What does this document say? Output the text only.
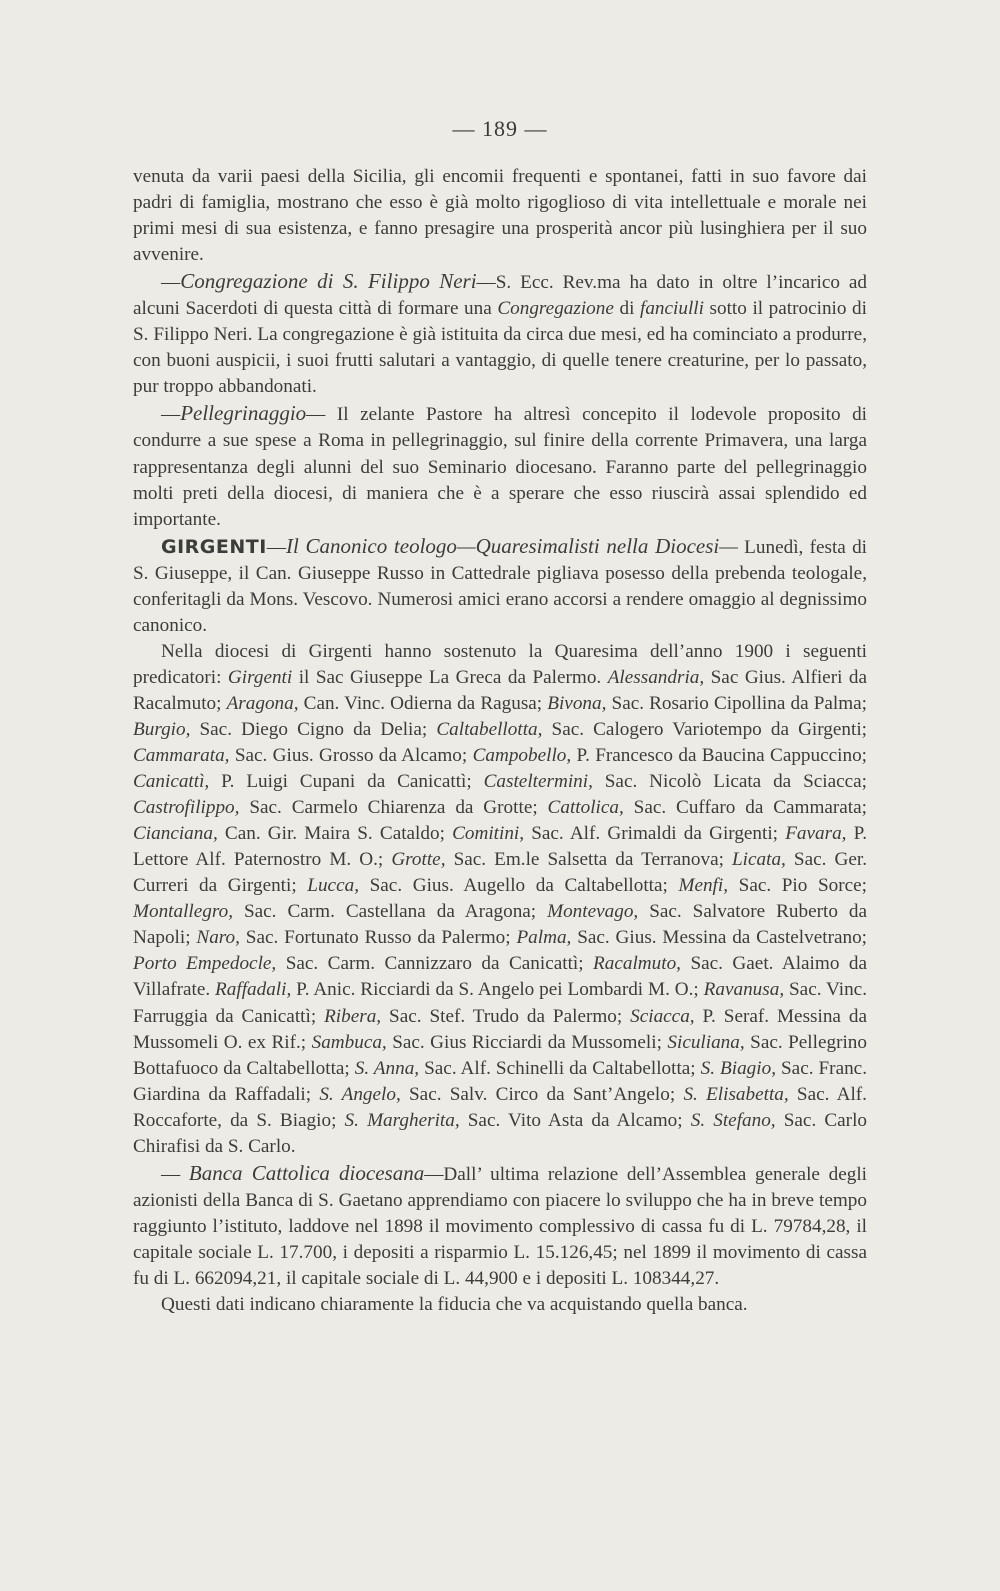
— 189 —

venuta da varii paesi della Sicilia, gli encomii frequenti e spontanei, fatti in suo favore dai padri di famiglia, mostrano che esso è già molto rigoglioso di vita intellettuale e morale nei primi mesi di sua esistenza, e fanno presagire una prosperità ancor più lusinghiera per il suo avvenire.

—Congregazione di S. Filippo Neri—S. Ecc. Rev.ma ha dato in oltre l’incarico ad alcuni Sacerdoti di questa città di formare una Congregazione di fanciulli sotto il patrocinio di S. Filippo Neri. La congregazione è già istituita da circa due mesi, ed ha cominciato a produrre, con buoni auspicii, i suoi frutti salutari a vantaggio, di quelle tenere creaturine, per lo passato, pur troppo abbandonati.

—Pellegrinaggio— Il zelante Pastore ha altresì concepito il lodevole proposito di condurre a sue spese a Roma in pellegrinaggio, sul finire della corrente Primavera, una larga rappresentanza degli alunni del suo Seminario diocesano. Faranno parte del pellegrinaggio molti preti della diocesi, di maniera che è a sperare che esso riuscirà assai splendido ed importante.

GIRGENTI—Il Canonico teologo—Quaresimalisti nella Diocesi— Lunedì, festa di S. Giuseppe, il Can. Giuseppe Russo in Cattedrale pigliava posesso della prebenda teologale, conferitagli da Mons. Vescovo. Numerosi amici erano accorsi a rendere omaggio al degnissimo canonico.

Nella diocesi di Girgenti hanno sostenuto la Quaresima dell’anno 1900 i seguenti predicatori: Girgenti il Sac Giuseppe La Greca da Palermo. Alessandria, Sac Gius. Alfieri da Racalmuto; Aragona, Can. Vinc. Odierna da Ragusa; Bivona, Sac. Rosario Cipollina da Palma; Burgio, Sac. Diego Cigno da Delia; Caltabellotta, Sac. Calogero Variotempo da Girgenti; Cammarata, Sac. Gius. Grosso da Alcamo; Campobello, P. Francesco da Baucina Cappuccino; Canicattì, P. Luigi Cupani da Canicattì; Casteltermini, Sac. Nicolò Licata da Sciacca; Castrofilippo, Sac. Carmelo Chiarenza da Grotte; Cattolica, Sac. Cuffaro da Cammarata; Cianciana, Can. Gir. Maira S. Cataldo; Comitini, Sac. Alf. Grimaldi da Girgenti; Favara, P. Lettore Alf. Paternostro M. O.; Grotte, Sac. Em.le Salsetta da Terranova; Licata, Sac. Ger. Curreri da Girgenti; Lucca, Sac. Gius. Augello da Caltabellotta; Menfi, Sac. Pio Sorce; Montallegro, Sac. Carm. Castellana da Aragona; Montevago, Sac. Salvatore Ruberto da Napoli; Naro, Sac. Fortunato Russo da Palermo; Palma, Sac. Gius. Messina da Castelvetrano; Porto Empedocle, Sac. Carm. Cannizzaro da Canicattì; Racalmuto, Sac. Gaet. Alaimo da Villafrate. Raffadali, P. Anic. Ricciardi da S. Angelo pei Lombardi M. O.; Ravanusa, Sac. Vinc. Farruggia da Canicattì; Ribera, Sac. Stef. Trudo da Palermo; Sciacca, P. Seraf. Messina da Mussomeli O. ex Rif.; Sambuca, Sac. Gius Ricciardi da Mussomeli; Siculiana, Sac. Pellegrino Bottafuoco da Caltabellotta; S. Anna, Sac. Alf. Schinelli da Caltabellotta; S. Biagio, Sac. Franc. Giardina da Raffadali; S. Angelo, Sac. Salv. Circo da Sant’Angelo; S. Elisabetta, Sac. Alf. Roccaforte, da S. Biagio; S. Margherita, Sac. Vito Asta da Alcamo; S. Stefano, Sac. Carlo Chirafisi da S. Carlo.

— Banca Cattolica diocesana—Dall’ ultima relazione dell’Assemblea generale degli azionisti della Banca di S. Gaetano apprendiamo con piacere lo sviluppo che ha in breve tempo raggiunto l’istituto, laddove nel 1898 il movimento complessivo di cassa fu di L. 79784,28, il capitale sociale L. 17.700, i depositi a risparmio L. 15.126,45; nel 1899 il movimento di cassa fu di L. 662094,21, il capitale sociale di L. 44,900 e i depositi L. 108344,27.

Questi dati indicano chiaramente la fiducia che va acquistando quella banca.
